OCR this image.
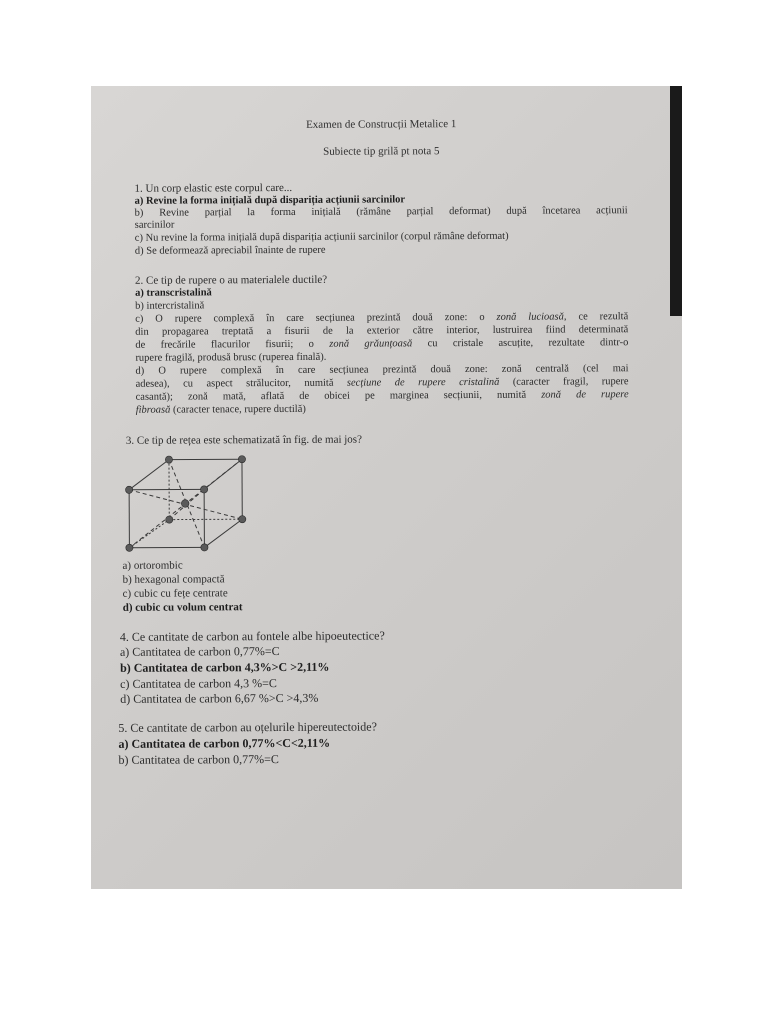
Examen de Construcții Metalice 1
Subiecte tip grilă pt nota 5
1. Un corp elastic este corpul care...
a) Revine la forma inițială după dispariția acțiunii sarcinilor
b) Revine parțial la forma inițială (rămâne parțial deformat) după încetarea acțiunii
sarcinilor
c) Nu revine la forma inițială după dispariția acțiunii sarcinilor (corpul rămâne deformat)
d) Se deformează apreciabil înainte de rupere
2. Ce tip de rupere o au materialele ductile?
a) transcristalină
b) intercristalină
c) O rupere complexă în care secțiunea prezintă două zone: o zonă lucioasă, ce rezultă
din propagarea treptată a fisurii de la exterior către interior, lustruirea fiind determinată
de frecările flacurilor fisurii; o zonă grăunțoasă cu cristale ascuțite, rezultate dintr-o
rupere fragilă, produsă brusc (ruperea finală).
d) O rupere complexă în care secțiunea prezintă două zone: zonă centrală (cel mai
adesea), cu aspect strălucitor, numită secțiune de rupere cristalină (caracter fragil, rupere
casantă); zonă mată, aflată de obicei pe marginea secțiunii, numită zonă de rupere
fibroasă (caracter tenace, rupere ductilă)
3. Ce tip de rețea este schematizată în fig. de mai jos?
a) ortorombic
b) hexagonal compactă
c) cubic cu fețe centrate
d) cubic cu volum centrat
4. Ce cantitate de carbon au fontele albe hipoeutectice?
a) Cantitatea de carbon 0,77%=C
b) Cantitatea de carbon 4,3%>C >2,11%
c) Cantitatea de carbon 4,3 %=C
d) Cantitatea de carbon 6,67 %>C >4,3%
5. Ce cantitate de carbon au oțelurile hipereutectoide?
a) Cantitatea de carbon 0,77%<C<2,11%
b) Cantitatea de carbon 0,77%=C
